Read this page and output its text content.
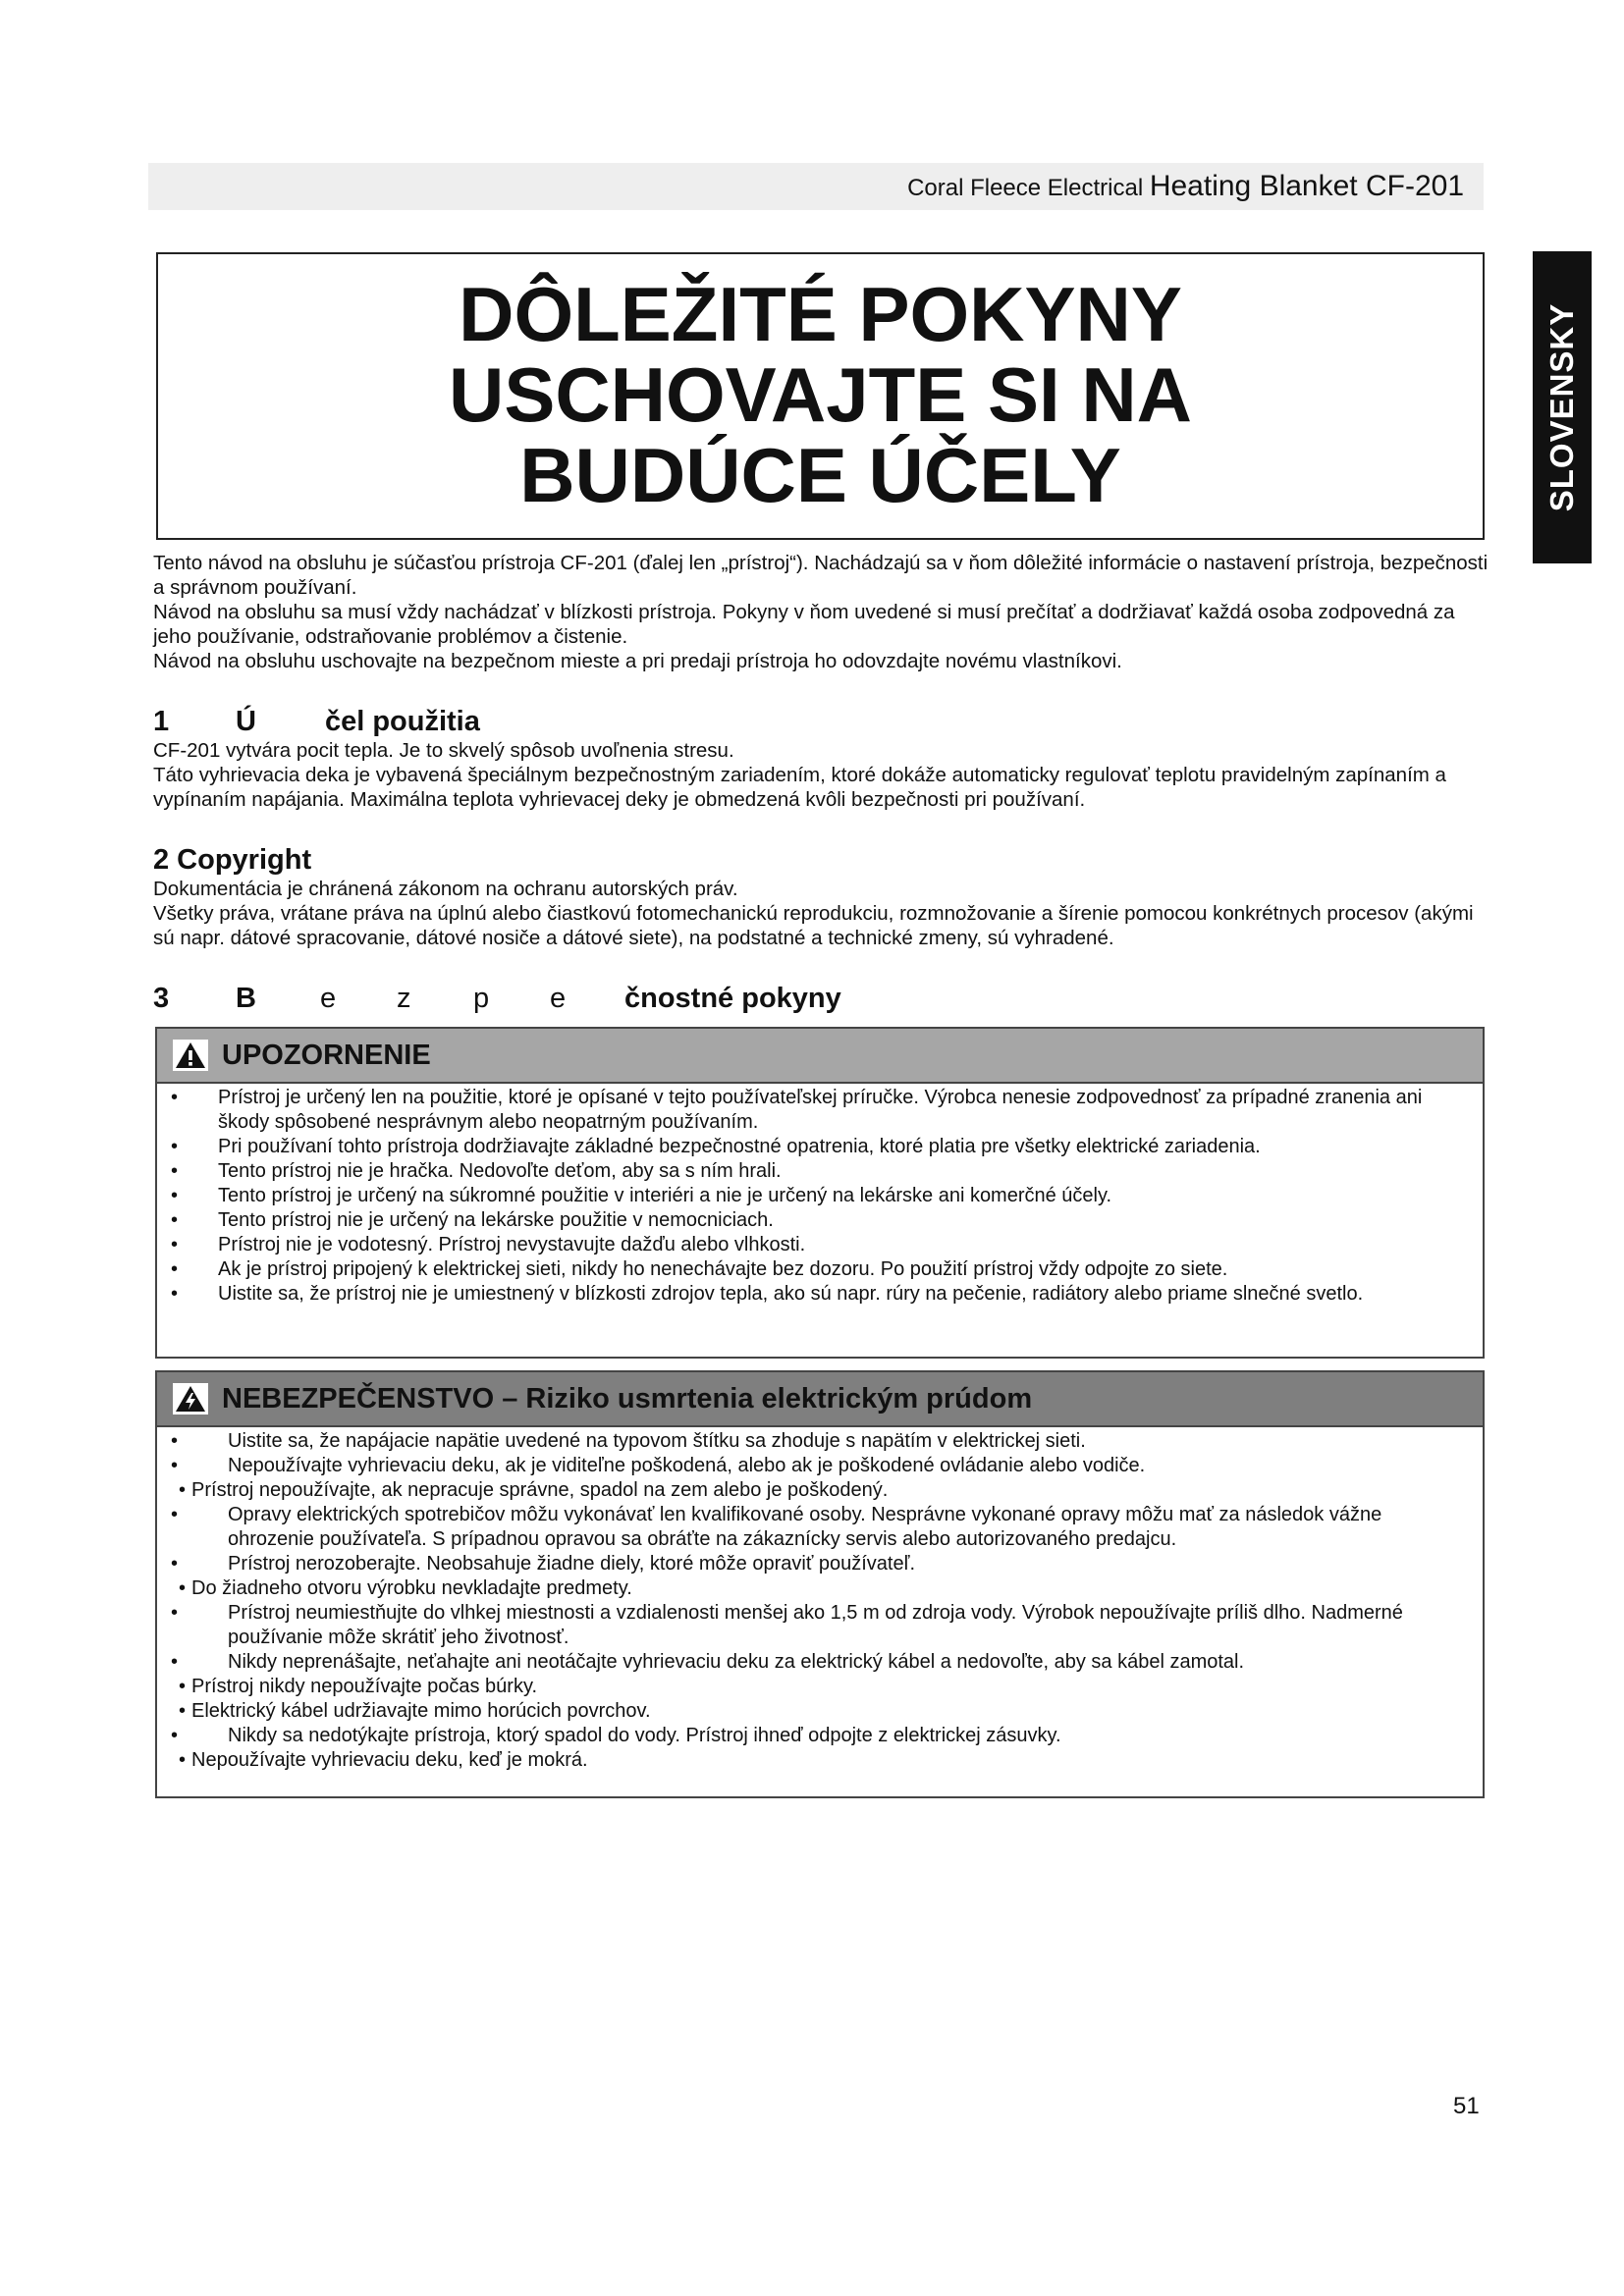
Coral Fleece Electrical Heating Blanket CF-201
SLOVENSKY
DÔLEŽITÉ POKYNY
USCHOVAJTE SI NA
BUDÚCE ÚČELY

Tento návod na obsluhu je súčasťou prístroja CF-201 (ďalej len „prístroj“). Nachádzajú sa v ňom dôležité informácie o nastavení prístroja, bezpečnosti a správnom používaní.

Návod na obsluhu sa musí vždy nachádzať v blízkosti prístroja. Pokyny v ňom uvedené si musí prečítať a dodržiavať každá osoba zodpovedná za jeho používanie, odstraňovanie problémov a čistenie.

Návod na obsluhu uschovajte na bezpečnom mieste a pri predaji prístroja ho odovzdajte novému vlastníkovi.

1 Ú čel použitia

CF-201 vytvára pocit tepla. Je to skvelý spôsob uvoľnenia stresu.

Táto vyhrievacia deka je vybavená špeciálnym bezpečnostným zariadením, ktoré dokáže automaticky regulovať teplotu pravidelným zapínaním a vypínaním napájania. Maximálna teplota vyhrievacej deky je obmedzená kvôli bezpečnosti pri používaní.

2 Copyright

Dokumentácia je chránená zákonom na ochranu autorských práv.

Všetky práva, vrátane práva na úplnú alebo čiastkovú fotomechanickú reprodukciu, rozmnožovanie a šírenie pomocou konkrétnych procesov (akými sú napr. dátové spracovanie, dátové nosiče a dátové siete), na podstatné a technické zmeny, sú vyhradené.

3 B e z p e čnostné pokyny
UPOZORNENIE
• Prístroj je určený len na použitie, ktoré je opísané v tejto používateľskej príručke. Výrobca nenesie zodpovednosť za prípadné zranenia ani škody spôsobené nesprávnym alebo neopatrným používaním.
• Pri používaní tohto prístroja dodržiavajte základné bezpečnostné opatrenia, ktoré platia pre všetky elektrické zariadenia.
• Tento prístroj nie je hračka. Nedovoľte deťom, aby sa s ním hrali.
• Tento prístroj je určený na súkromné použitie v interiéri a nie je určený na lekárske ani komerčné účely.
• Tento prístroj nie je určený na lekárske použitie v nemocniciach.
• Prístroj nie je vodotesný. Prístroj nevystavujte dažďu alebo vlhkosti.
• Ak je prístroj pripojený k elektrickej sieti, nikdy ho nenechávajte bez dozoru. Po použití prístroj vždy odpojte zo siete.
• Uistite sa, že prístroj nie je umiestnený v blízkosti zdrojov tepla, ako sú napr. rúry na pečenie, radiátory alebo priame slnečné svetlo.
NEBEZPEČENSTVO – Riziko usmrtenia elektrickým prúdom
•	Uistite sa, že napájacie napätie uvedené na typovom štítku sa zhoduje s napätím v elektrickej sieti.
•	Nepoužívajte vyhrievaciu deku, ak je viditeľne poškodená, alebo ak je poškodené ovládanie alebo vodiče.
• Prístroj nepoužívajte, ak nepracuje správne, spadol na zem alebo je poškodený.
•	Opravy elektrických spotrebičov môžu vykonávať len kvalifikované osoby. Nesprávne vykonané opravy môžu mať za následok vážne ohrozenie používateľa. S prípadnou opravou sa obráťte na zákaznícky servis alebo autorizovaného predajcu.
•	Prístroj nerozoberajte. Neobsahuje žiadne diely, ktoré môže opraviť používateľ.
• Do žiadneho otvoru výrobku nevkladajte predmety.
•	Prístroj neumiestňujte do vlhkej miestnosti a vzdialenosti menšej ako 1,5 m od zdroja vody. Výrobok nepoužívajte príliš dlho. Nadmerné používanie môže skrátiť jeho životnosť.
•	Nikdy neprenášajte, neťahajte ani neotáčajte vyhrievaciu deku za elektrický kábel a nedovoľte, aby sa kábel zamotal.
• Prístroj nikdy nepoužívajte počas búrky.
• Elektrický kábel udržiavajte mimo horúcich povrchov.
•	Nikdy sa nedotýkajte prístroja, ktorý spadol do vody. Prístroj ihneď odpojte z elektrickej zásuvky.
• Nepoužívajte vyhrievaciu deku, keď je mokrá.
51
